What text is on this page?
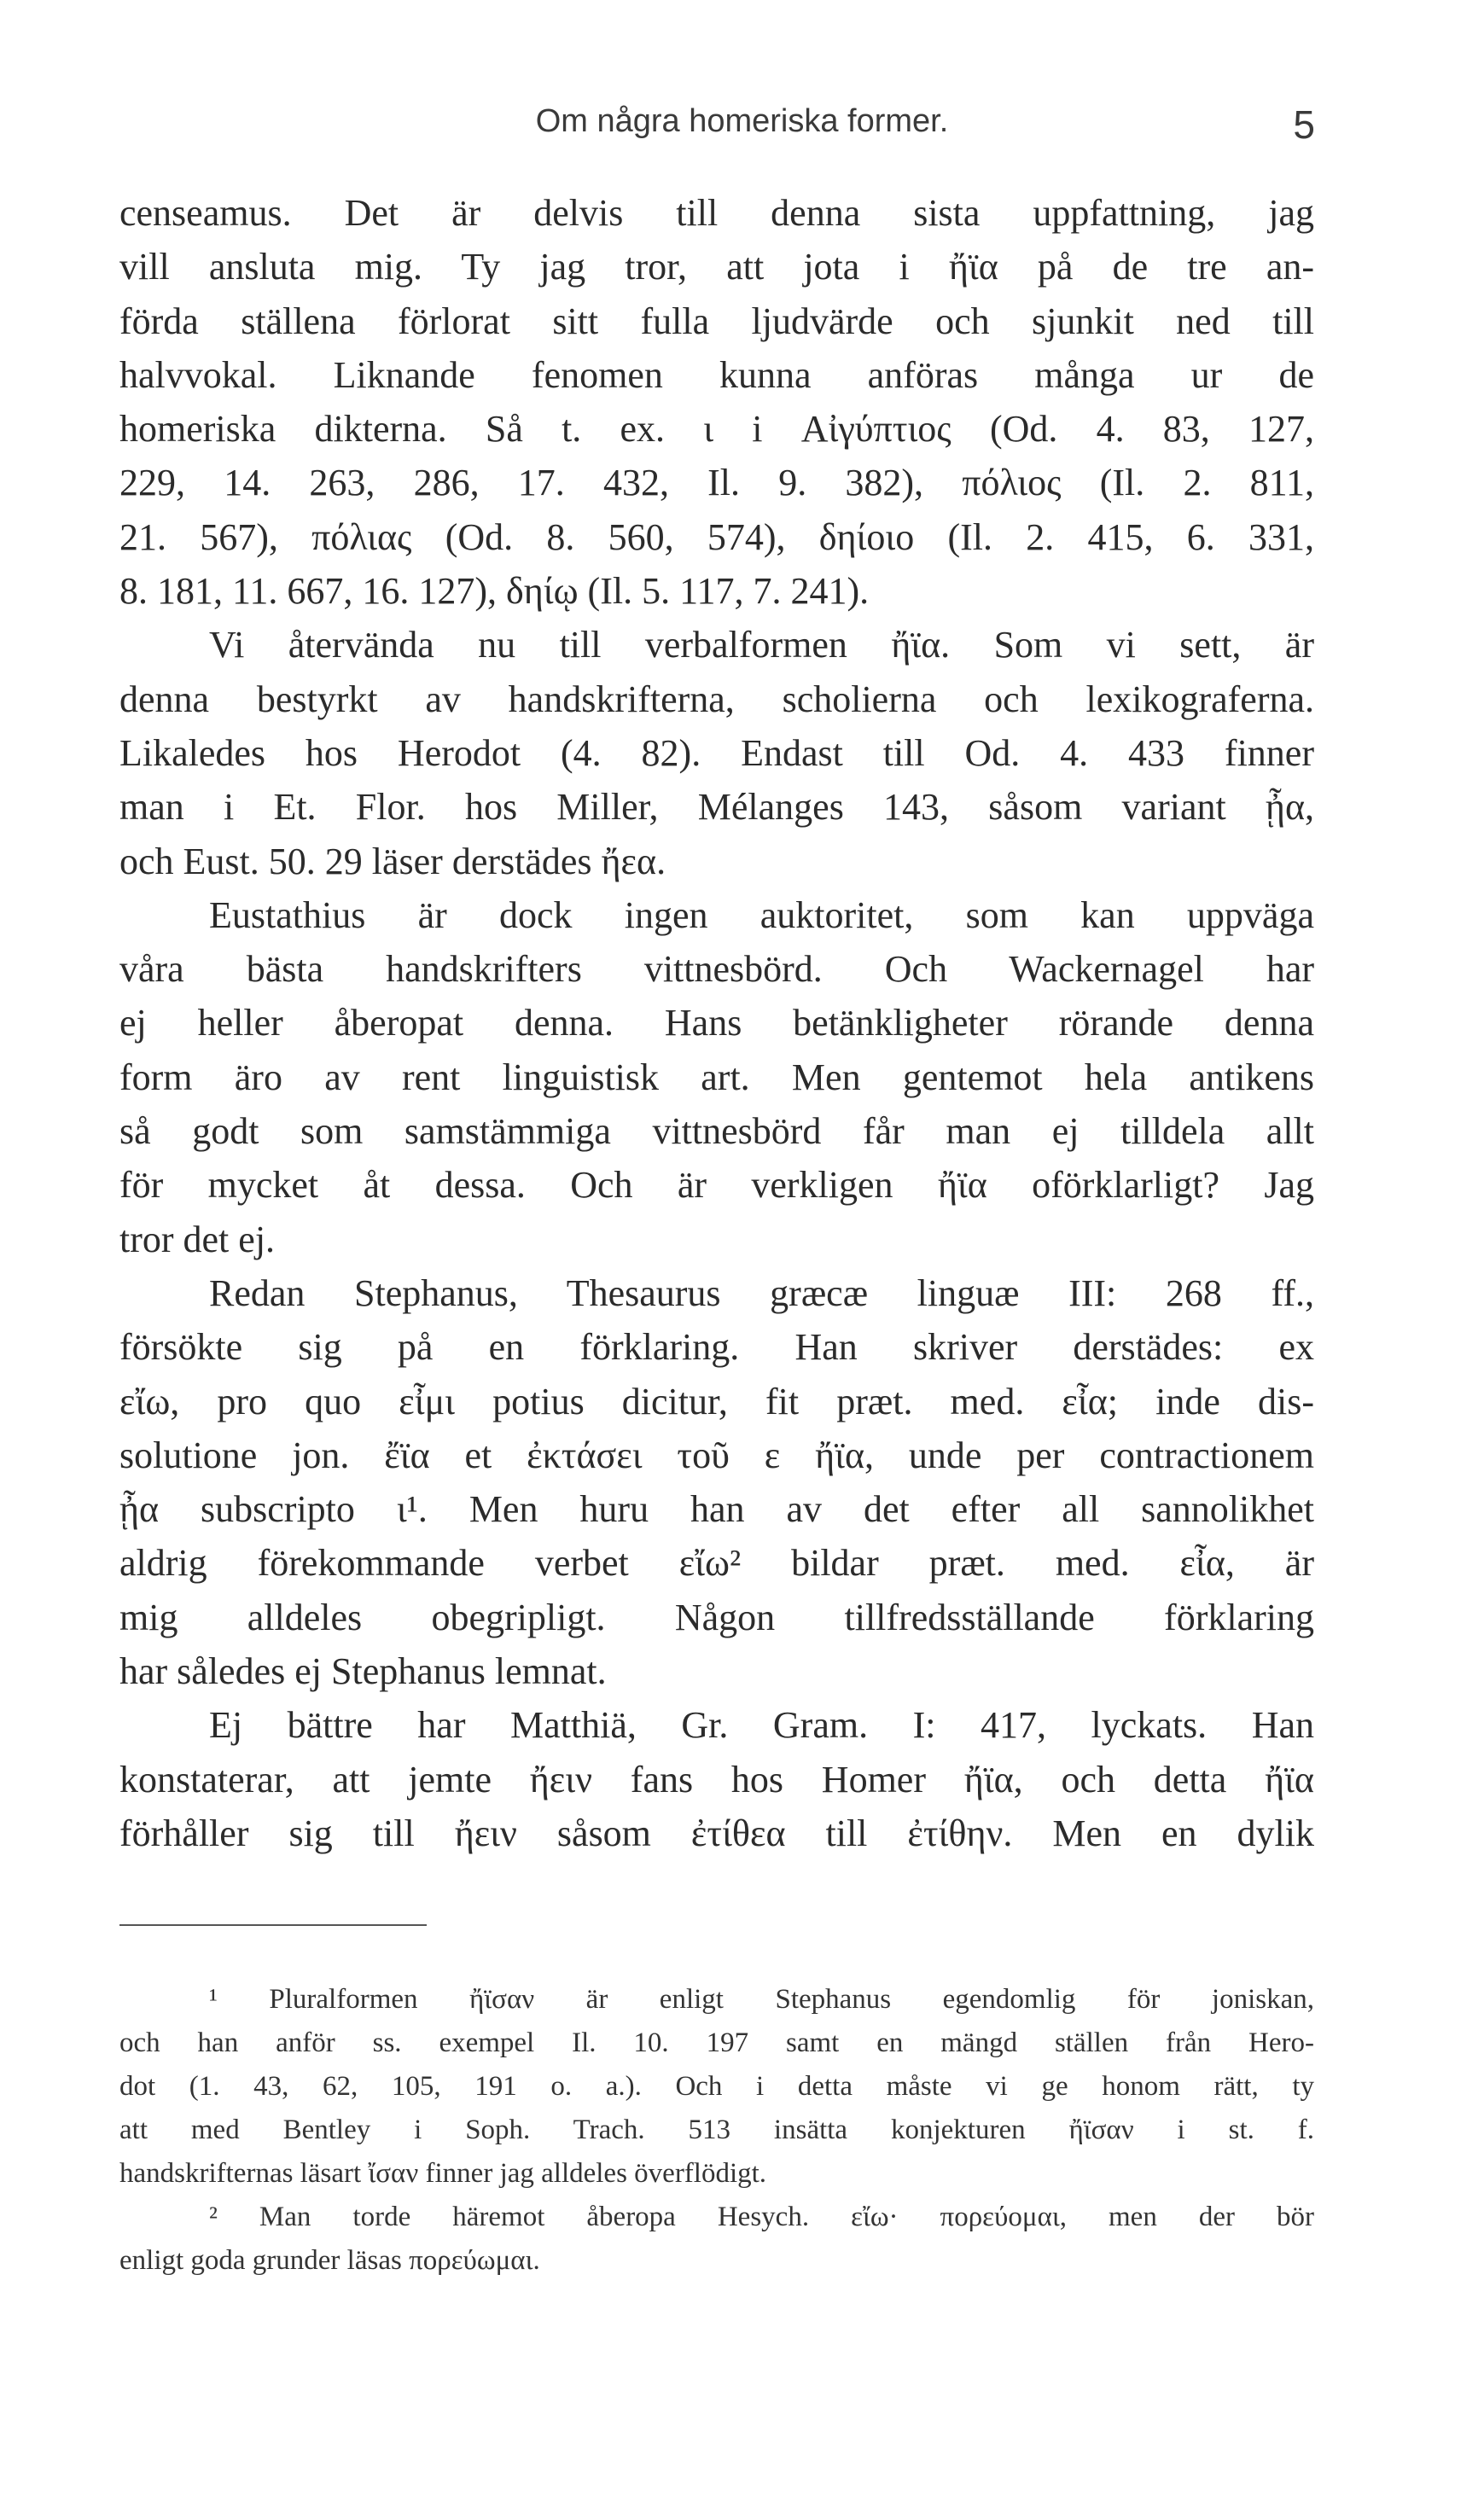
Om några homeriska former.	5
censeamus. Det är delvis till denna sista uppfattning, jag
vill ansluta mig. Ty jag tror, att jota i ἤϊα på de tre an-
förda ställena förlorat sitt fulla ljudvärde och sjunkit ned till
halvvokal. Liknande fenomen kunna anföras många ur de
homeriska dikterna. Så t. ex. ι i Αἰγύπτιος (Od. 4. 83, 127,
229, 14. 263, 286, 17. 432, Il. 9. 382), πόλιος (Il. 2. 811,
21. 567), πόλιας (Od. 8. 560, 574), δηίοιο (Il. 2. 415, 6. 331,
8. 181, 11. 667, 16. 127), δηίῳ (Il. 5. 117, 7. 241).
Vi återvända nu till verbalformen ἤϊα. Som vi sett, är
denna bestyrkt av handskrifterna, scholierna och lexikograferna.
Likaledes hos Herodot (4. 82). Endast till Od. 4. 433 finner
man i Et. Flor. hos Miller, Mélanges 143, såsom variant ᾖα,
och Eust. 50. 29 läser derstädes ἤεα.
Eustathius är dock ingen auktoritet, som kan uppväga
våra bästa handskrifters vittnesbörd. Och Wackernagel har
ej heller åberopat denna. Hans betänkligheter rörande denna
form äro av rent linguistisk art. Men gentemot hela antikens
så godt som samstämmiga vittnesbörd får man ej tilldela allt
för mycket åt dessa. Och är verkligen ἤϊα oförklarligt? Jag
tror det ej.
Redan Stephanus, Thesaurus græcæ linguæ III: 268 ff.,
försökte sig på en förklaring. Han skriver derstädes: ex
εἴω, pro quo εἶμι potius dicitur, fit præt. med. εἶα; inde dis-
solutione jon. ἔϊα et ἐκτάσει τοῦ ε ἤϊα, unde per contractionem
ᾖα subscripto ι¹. Men huru han av det efter all sannolikhet
aldrig förekommande verbet εἴω² bildar præt. med. εἶα, är
mig alldeles obegripligt. Någon tillfredsställande förklaring
har således ej Stephanus lemnat.
Ej bättre har Matthiä, Gr. Gram. I: 417, lyckats. Han
konstaterar, att jemte ἤειν fans hos Homer ἤϊα, och detta ἤϊα
förhåller sig till ἤειν såsom ἐτίθεα till ἐτίθην. Men en dylik
¹ Pluralformen ἤϊσαν är enligt Stephanus egendomlig för joniskan,
och han anför ss. exempel Il. 10. 197 samt en mängd ställen från Hero-
dot (1. 43, 62, 105, 191 o. a.). Och i detta måste vi ge honom rätt, ty
att med Bentley i Soph. Trach. 513 insätta konjekturen ἤϊσαν i st. f.
handskrifternas läsart ἴσαν finner jag alldeles överflödigt.
² Man torde häremot åberopa Hesych. εἴω· πορεύομαι, men der bör
enligt goda grunder läsas πορεύωμαι.
